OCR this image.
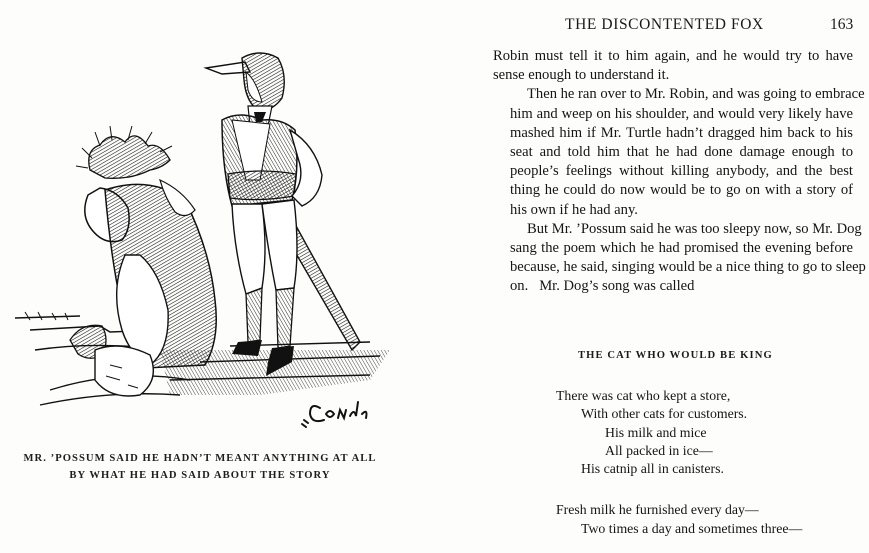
MR. ’POSSUM SAID HE HADN’T MEANT ANYTHING AT ALL
BY WHAT HE HAD SAID ABOUT THE STORY
THE DISCONTENTED FOX	163

Robin must tell it to him again, and he would try to have
sense enough to understand it.

Then he ran over to Mr. Robin, and was going to embrace
him and weep on his shoulder, and would very likely have
mashed him if Mr. Turtle hadn’t dragged him back to his
seat and told him that he had done damage enough to
people’s feelings without killing anybody, and the best
thing he could do now would be to go on with a story of
his own if he had any.

But Mr. ’Possum said he was too sleepy now, so Mr. Dog
sang the poem which he had promised the evening before
because, he said, singing would be a nice thing to go to sleep
on.   Mr. Dog’s song was called

THE CAT WHO WOULD BE KING
There was cat who kept a store,
With other cats for customers.
His milk and mice
All packed in ice—
His catnip all in canisters.
Fresh milk he furnished every day—
Two times a day and sometimes three—
